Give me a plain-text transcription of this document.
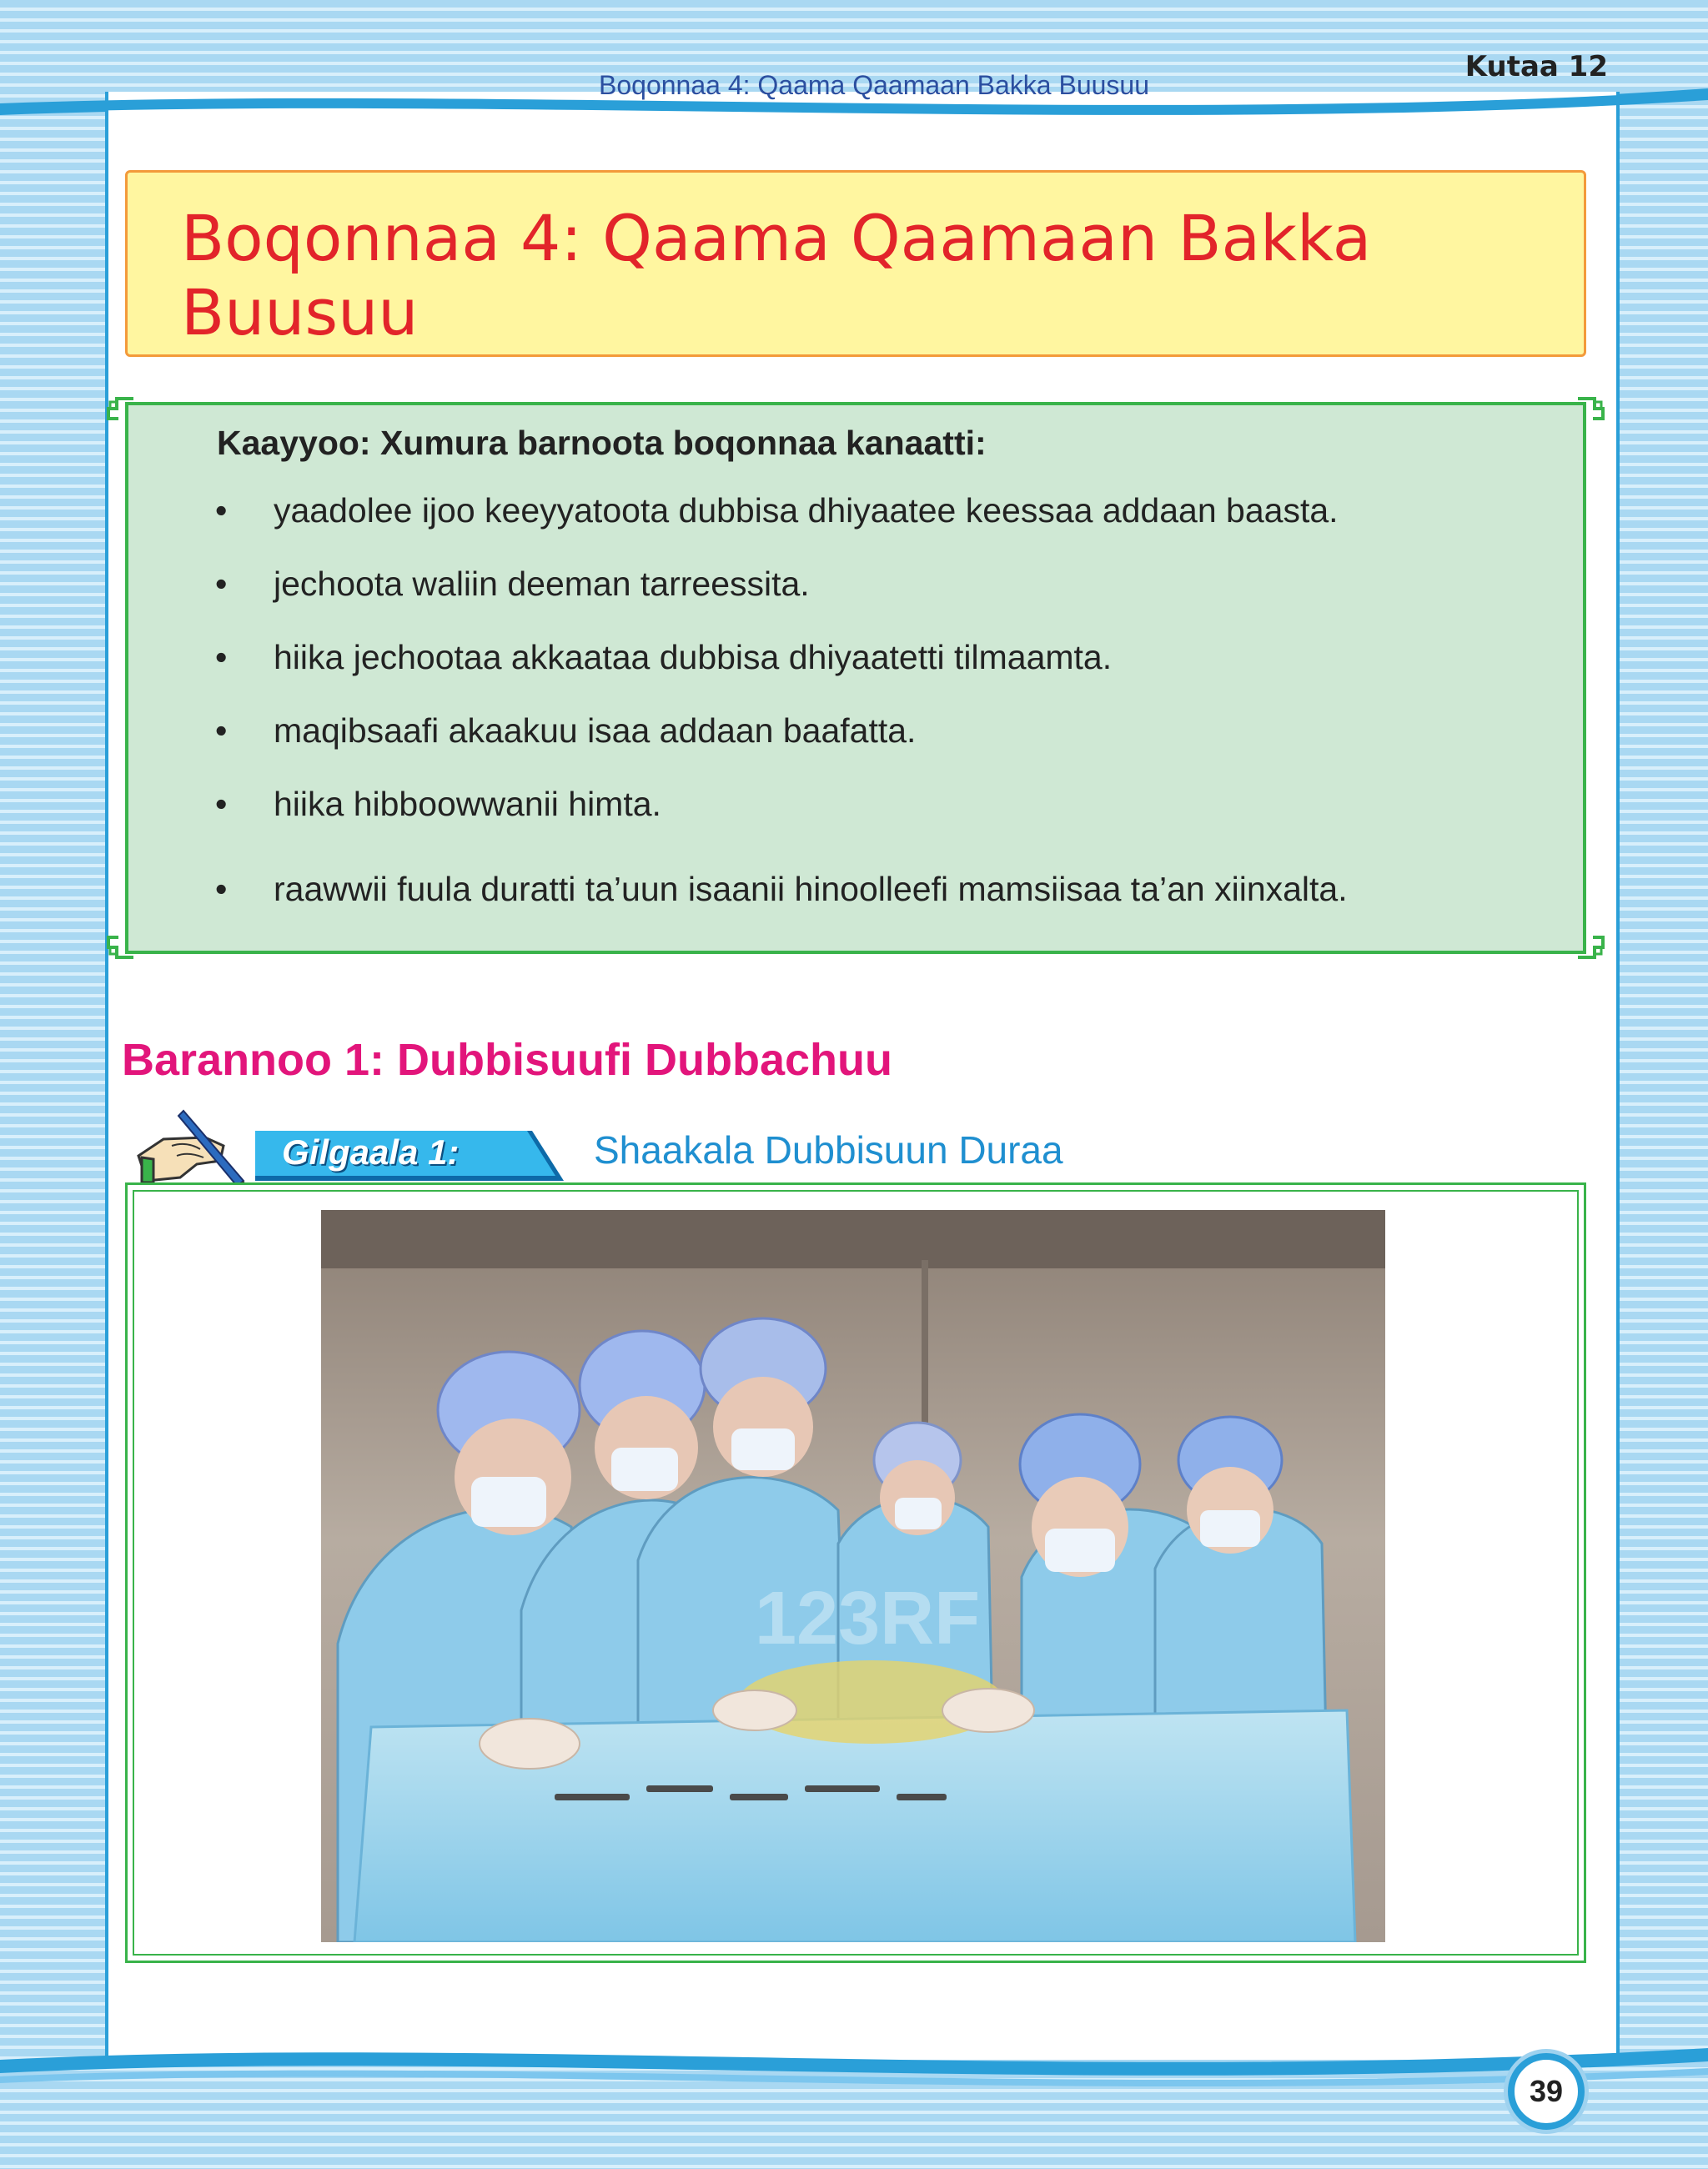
Boqonnaa 4: Qaama Qaamaan Bakka Buusuu
Kutaa 12
Boqonnaa 4: Qaama Qaamaan Bakka Buusuu
Kaayyoo: Xumura barnoota boqonnaa kanaatti:
• yaadolee ijoo keeyyatoota dubbisa dhiyaatee keessaa addaan baasta.
• jechoota waliin deeman tarreessita.
• hiika jechootaa akkaataa dubbisa dhiyaatetti tilmaamta.
• maqibsaafi akaakuu isaa addaan baafatta.
• hiika hibboowwanii himta.
• raawwii fuula duratti ta’uun isaanii hinoolleefi mamsiisaa ta’an xiinxalta.
Barannoo 1: Dubbisuufi Dubbachuu
Gilgaala 1:	Shaakala Dubbisuun Duraa
123RF
39
